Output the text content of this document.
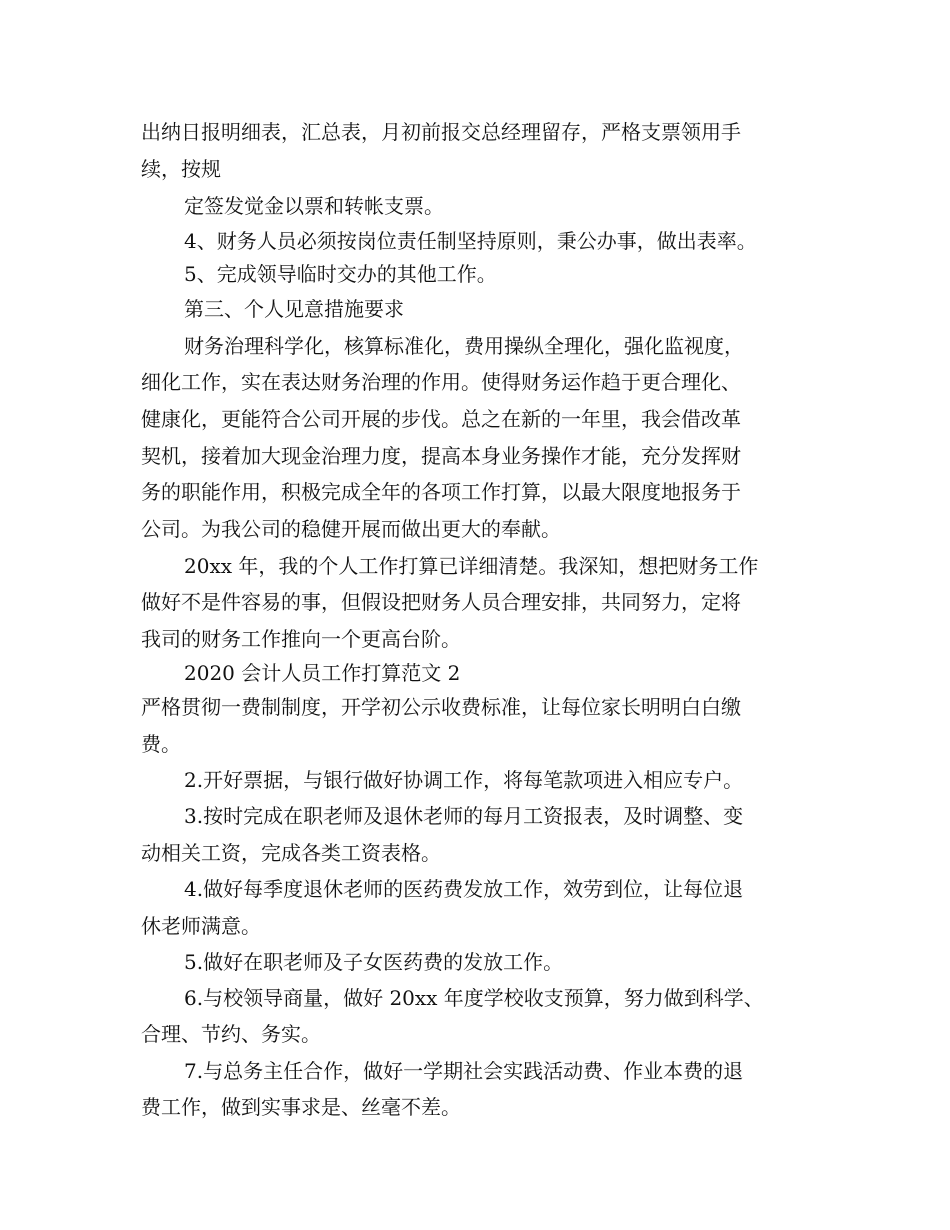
出纳日报明细表，汇总表，月初前报交总经理留存，严格支票领用手

续，按规

定签发觉金以票和转帐支票。

4、财务人员必须按岗位责任制坚持原则，秉公办事，做出表率。

5、完成领导临时交办的其他工作。

第三、个人见意措施要求

财务治理科学化，核算标准化，费用操纵全理化，强化监视度，

细化工作，实在表达财务治理的作用。使得财务运作趋于更合理化、

健康化，更能符合公司开展的步伐。总之在新的一年里，我会借改革

契机，接着加大现金治理力度，提高本身业务操作才能，充分发挥财

务的职能作用，积极完成全年的各项工作打算，以最大限度地报务于

公司。为我公司的稳健开展而做出更大的奉献。

20xx 年，我的个人工作打算已详细清楚。我深知，想把财务工作

做好不是件容易的事，但假设把财务人员合理安排，共同努力，定将

我司的财务工作推向一个更高台阶。

2020 会计人员工作打算范文 2

严格贯彻一费制制度，开学初公示收费标准，让每位家长明明白白缴

费。

2.开好票据，与银行做好协调工作，将每笔款项进入相应专户。

3.按时完成在职老师及退休老师的每月工资报表，及时调整、变

动相关工资，完成各类工资表格。

4.做好每季度退休老师的医药费发放工作，效劳到位，让每位退

休老师满意。

5.做好在职老师及子女医药费的发放工作。

6.与校领导商量，做好 20xx 年度学校收支预算，努力做到科学、

合理、节约、务实。

7.与总务主任合作，做好一学期社会实践活动费、作业本费的退

费工作，做到实事求是、丝毫不差。
